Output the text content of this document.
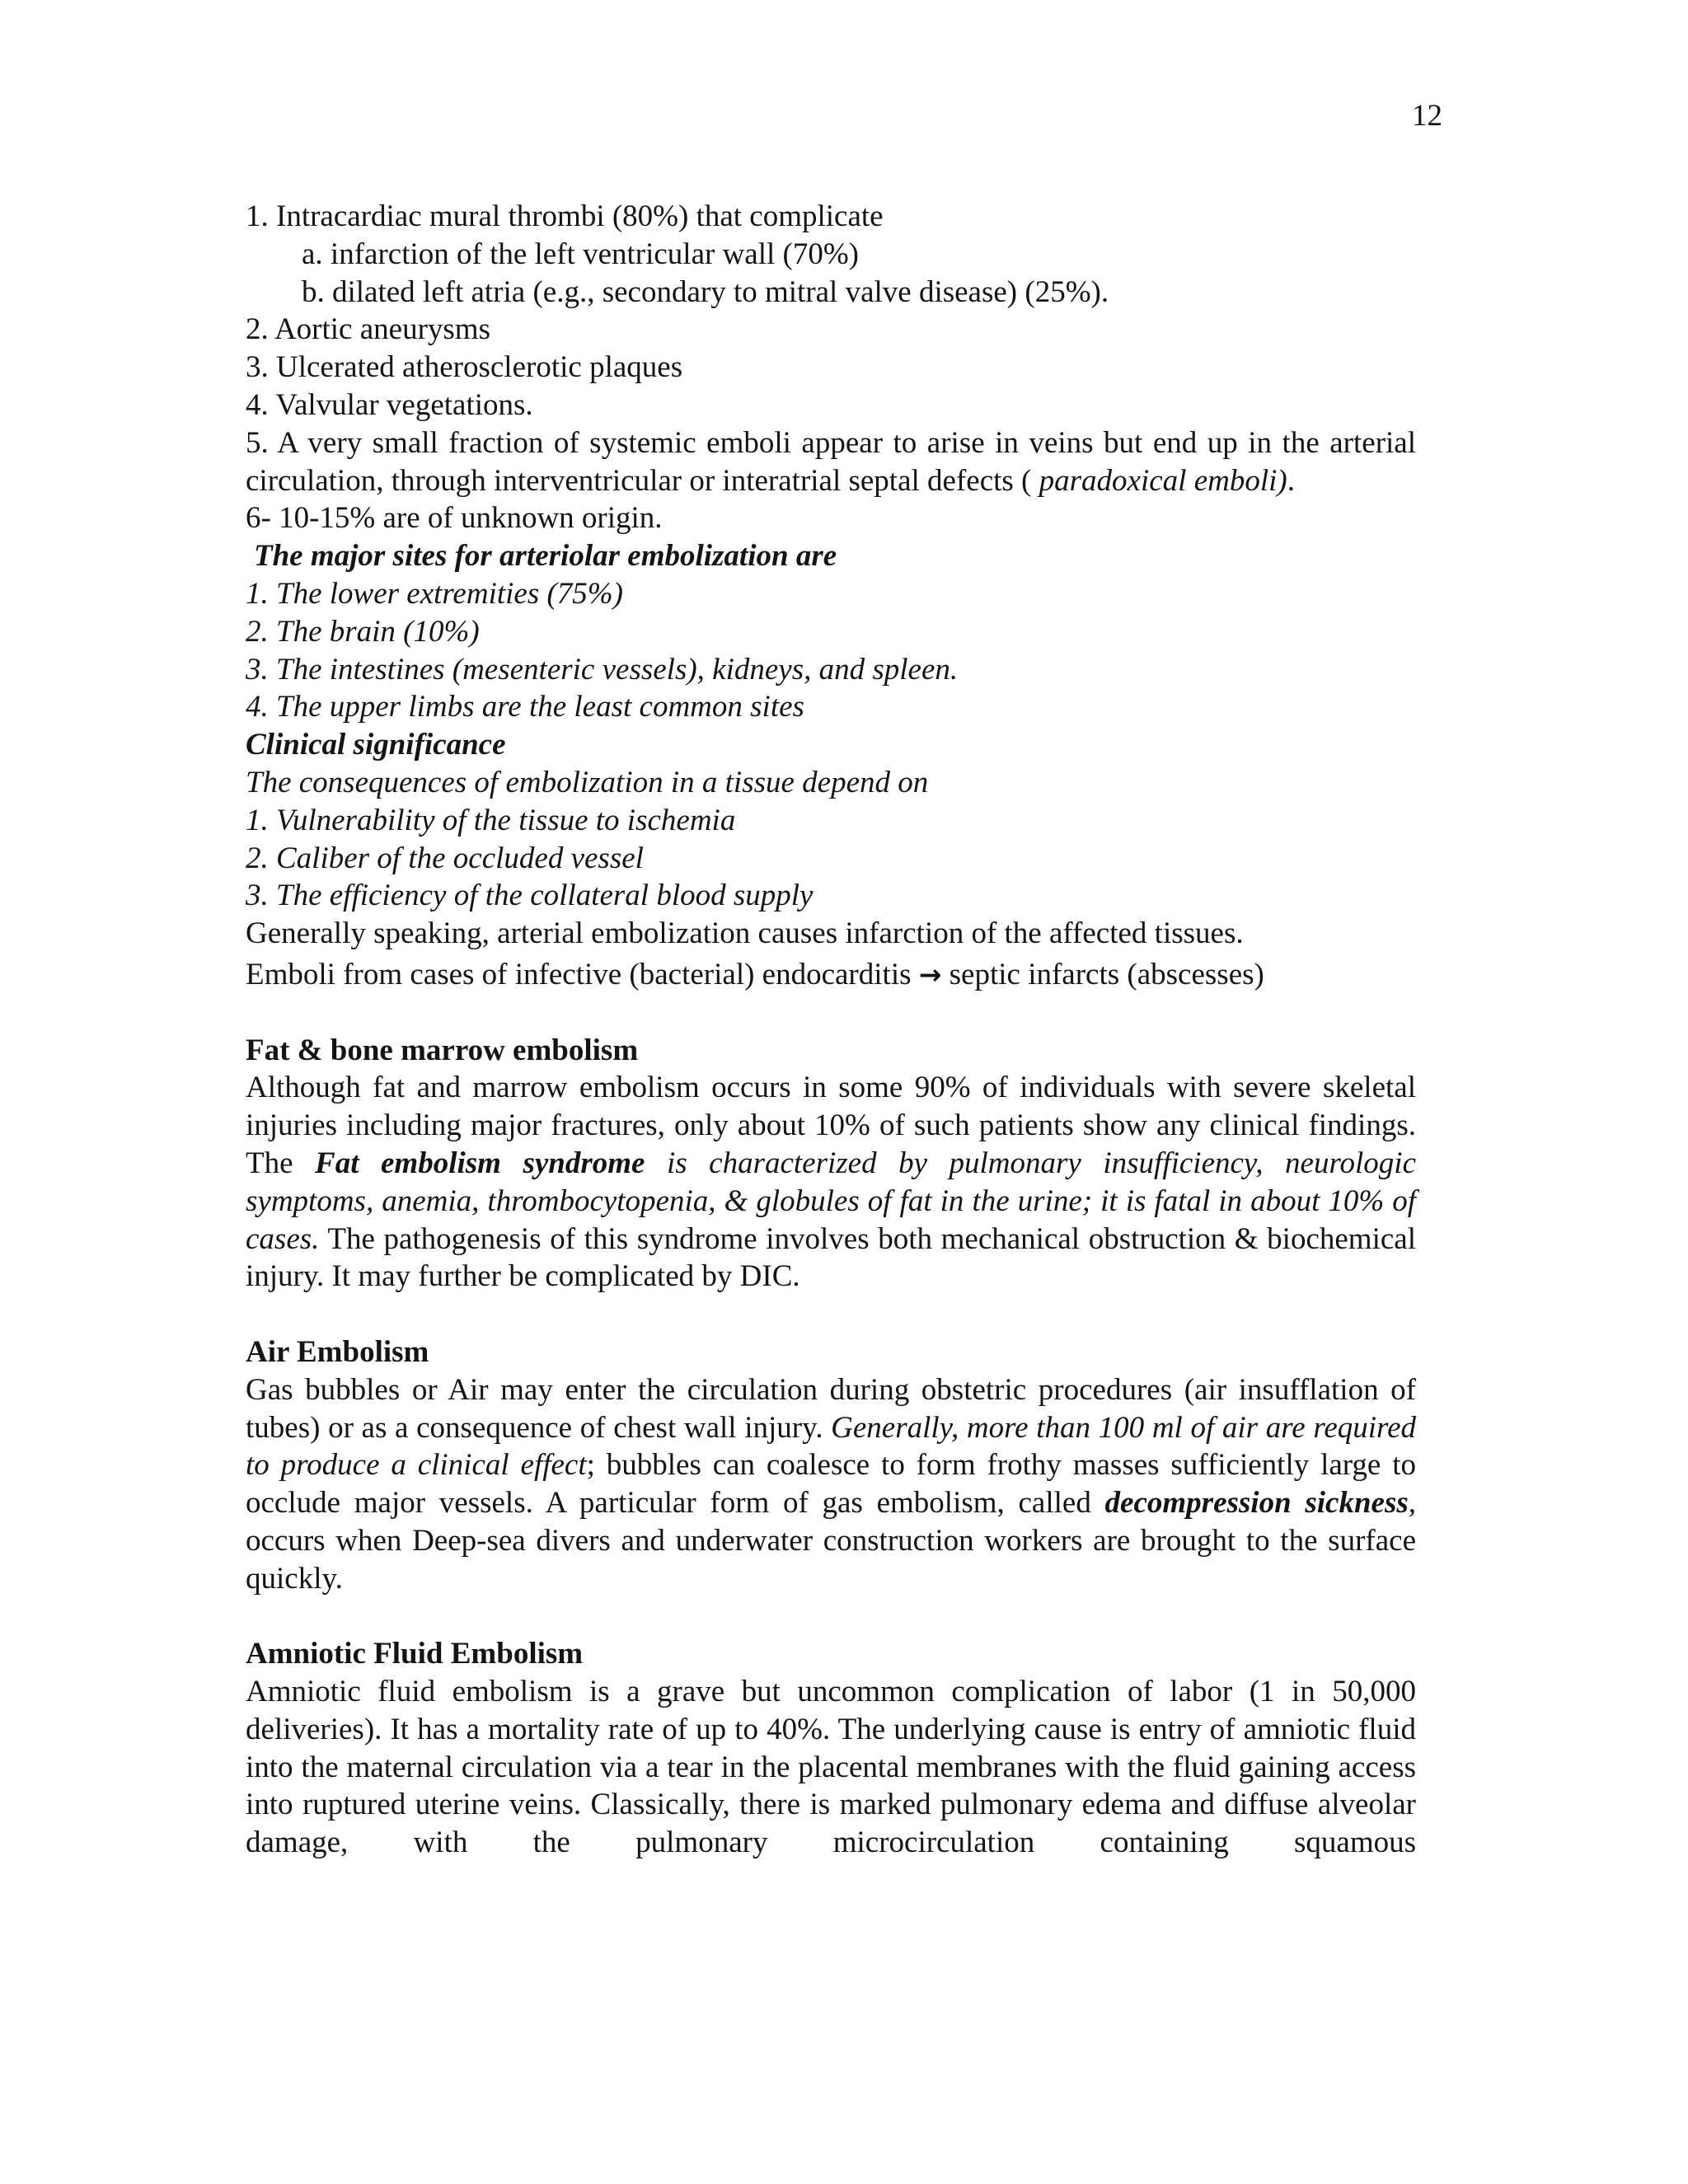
12
1. Intracardiac mural thrombi (80%) that complicate
a. infarction of the left ventricular wall (70%)
b. dilated left atria (e.g., secondary to mitral valve disease) (25%).
2. Aortic aneurysms
3. Ulcerated atherosclerotic plaques
4. Valvular vegetations.
5. A very small fraction of systemic emboli appear to arise in veins but end up in the arterial circulation, through interventricular or interatrial septal defects ( paradoxical emboli).
6- 10-15% are of unknown origin.
The major sites for arteriolar embolization are
1. The lower extremities (75%)
2. The brain (10%)
3. The intestines (mesenteric vessels), kidneys, and spleen.
4. The upper limbs are the least common sites
Clinical significance
The consequences of embolization in a tissue depend on
1. Vulnerability of the tissue to ischemia
2. Caliber of the occluded vessel
3. The efficiency of the collateral blood supply
Generally speaking, arterial embolization causes infarction of the affected tissues.
Emboli from cases of infective (bacterial) endocarditis → septic infarcts (abscesses)
Fat & bone marrow embolism
Although fat and marrow embolism occurs in some 90% of individuals with severe skeletal injuries including major fractures, only about 10% of such patients show any clinical findings. The Fat embolism syndrome is characterized by pulmonary insufficiency, neurologic symptoms, anemia, thrombocytopenia, & globules of fat in the urine; it is fatal in about 10% of cases. The pathogenesis of this syndrome involves both mechanical obstruction & biochemical injury. It may further be complicated by DIC.
Air Embolism
Gas bubbles or Air may enter the circulation during obstetric procedures (air insufflation of tubes) or as a consequence of chest wall injury. Generally, more than 100 ml of air are required to produce a clinical effect; bubbles can coalesce to form frothy masses sufficiently large to occlude major vessels. A particular form of gas embolism, called decompression sickness, occurs when Deep-sea divers and underwater construction workers are brought to the surface quickly.
Amniotic Fluid Embolism
Amniotic fluid embolism is a grave but uncommon complication of labor (1 in 50,000 deliveries). It has a mortality rate of up to 40%. The underlying cause is entry of amniotic fluid into the maternal circulation via a tear in the placental membranes with the fluid gaining access into ruptured uterine veins. Classically, there is marked pulmonary edema and diffuse alveolar damage, with the pulmonary microcirculation containing squamous
